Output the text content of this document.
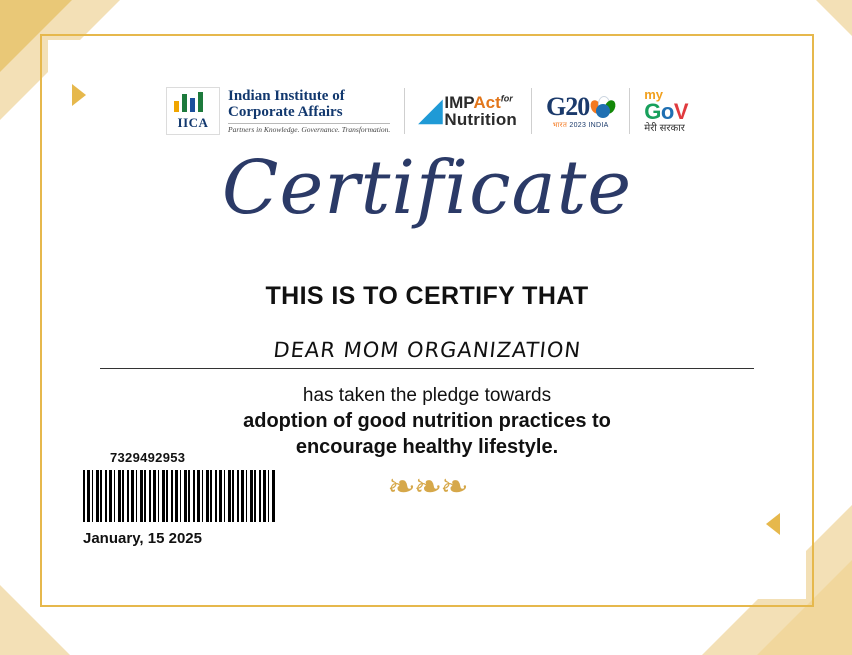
IICA
Indian Institute of
Corporate Affairs
Partners in Knowledge. Governance. Transformation.
◢ IMPAct$^{for}$
Nutrition G20
भारत 2023 INDIA
my
GoV
मेरी सरकार
Certificate
THIS IS TO CERTIFY THAT
DEAR MOM ORGANIZATION
has taken the pledge towards
adoption of good nutrition practices to
encourage healthy lifestyle.
❧❧❧
7329492953
January, 15 2025
